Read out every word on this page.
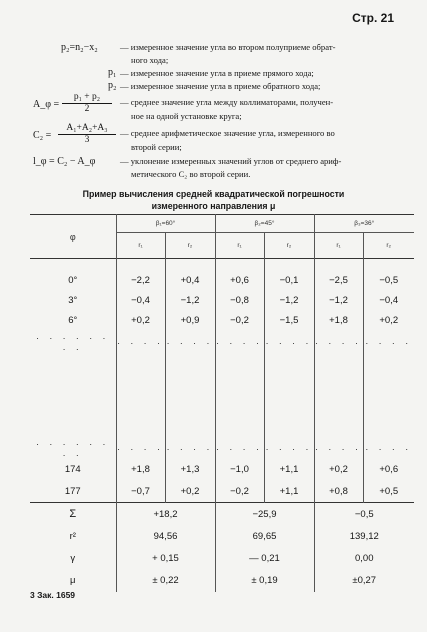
Стр. 21
p₂=n₂−x₂	— измеренное значение угла во втором полуприеме обрат-
ного хода;
p₁ — измеренное значение угла в приеме прямого хода;
p₂ — измеренное значение угла в приеме обратного хода;
A_φ = $\frac{\text{p₁ + p₂}}{2}$ — среднее значение угла между коллиматорами, получен-
ное на одной установке круга;
$C_2 = \frac{\text{A₁+A₂+A₃}}{3}$ — среднее арифметическое значение угла, измеренного во
второй серии;
l_φ = C₂ − A_φ	— уклонение измеренных значений углов от среднего ариф-
метического C₂ во второй серии.
Пример вычисления средней квадратической погрешности
измеренного направления μ
φ	β₁=60°		β₂=45°		β₃=36°	
	r₁	r₂	r₁	r₂	r₁	r₂

0°	−2,2	+0,4	+0,6	−0,1	−2,5	−0,5
3°	−0,4	−1,2	−0,8	−1,2	−1,2	−0,4
6°	+0,2	+0,9	−0,2	−1,5	+1,8	+0,2
. . . . . . . .	. . . .	. . . .	. . . .	. . . .	. . . .	. . . .

. . . . . . . .	. . . .	. . . .	. . . .	. . . .	. . . .	. . . .
174	+1,8	+1,3	−1,0	+1,1	+0,2	+0,6
177	−0,7	+0,2	−0,2	+1,1	+0,8	+0,5
Σ	+18,2		−25,9		−0,5	
r²	94,56		69,65		139,12	
γ	+ 0,15		— 0,21		0,00	
μ	± 0,22		± 0,19		±0,27	
3 Зак. 1659
